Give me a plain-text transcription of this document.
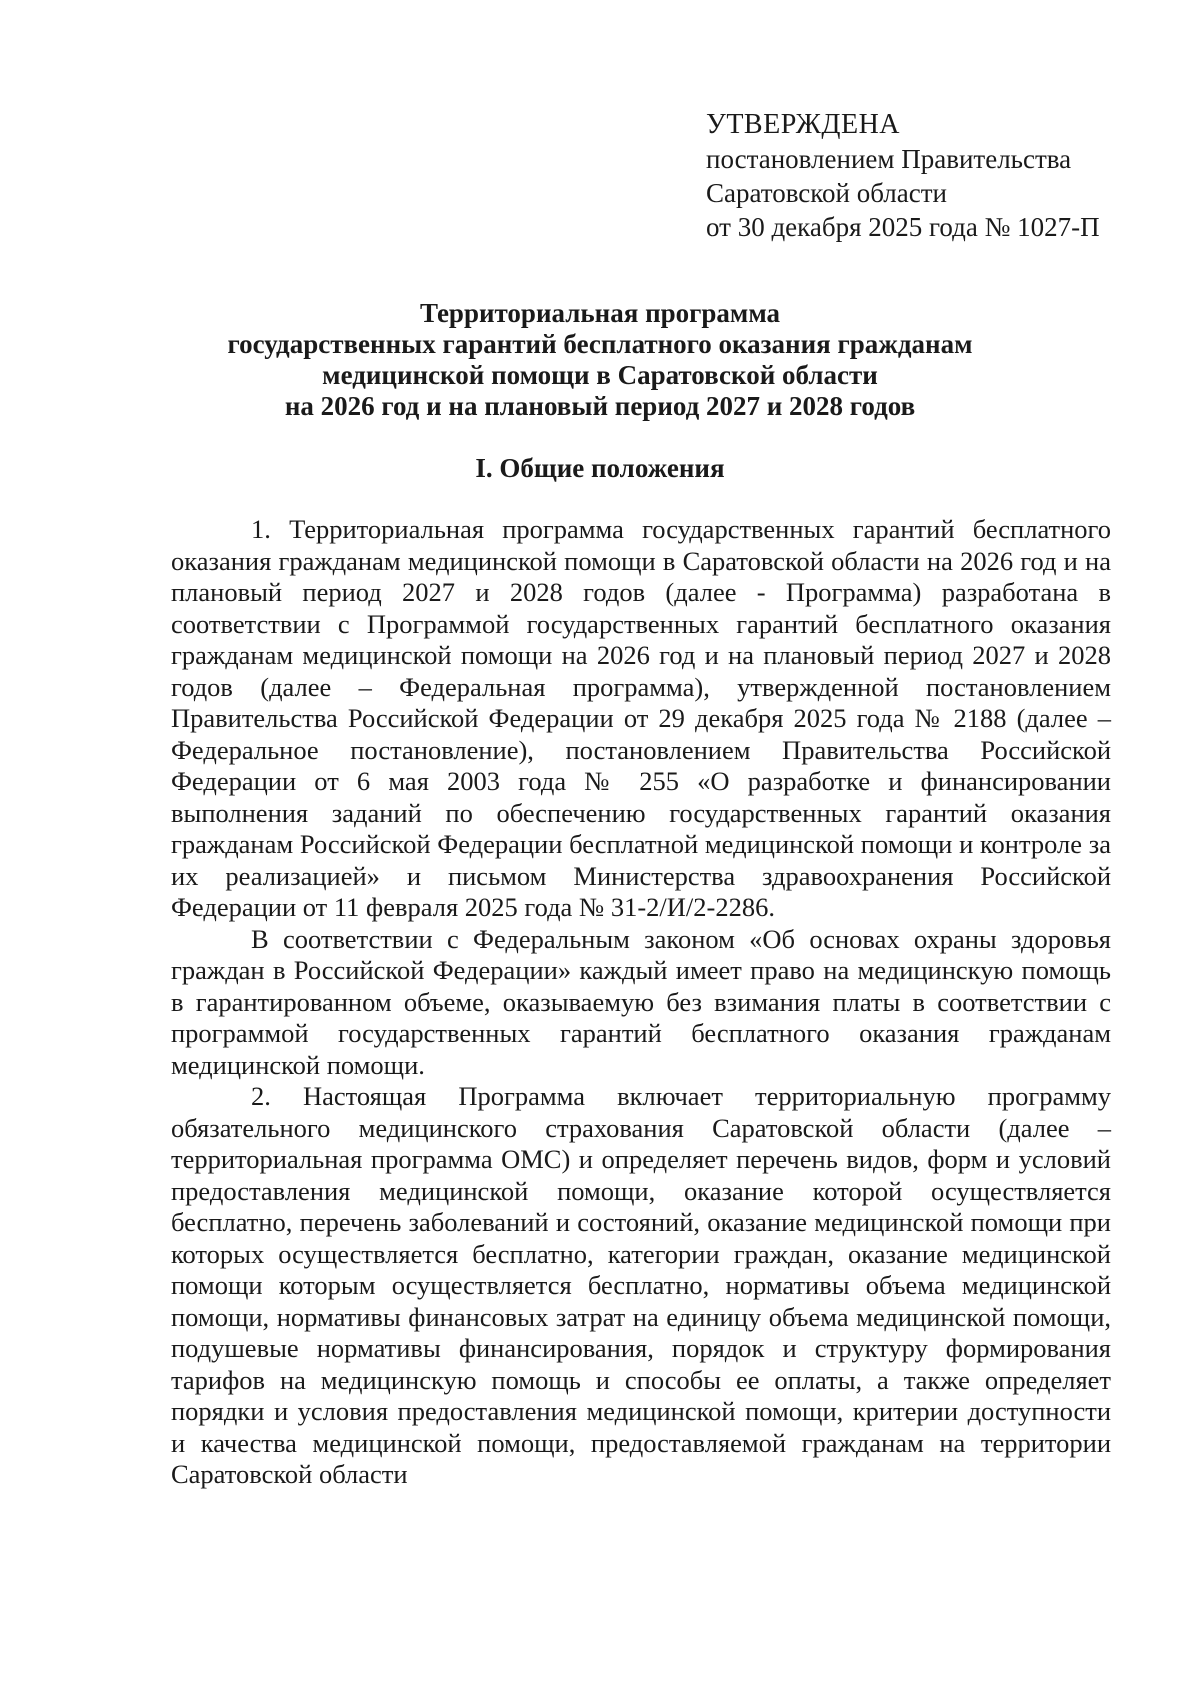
УТВЕРЖДЕНА
постановлением Правительства
Саратовской области
от 30 декабря 2025 года № 1027-П
Территориальная программа
государственных гарантий бесплатного оказания гражданам
медицинской помощи в Саратовской области
на 2026 год и на плановый период 2027 и 2028 годов
I. Общие положения

1. Территориальная программа государственных гарантий бесплатного оказания гражданам медицинской помощи в Саратовской области на 2026 год и на плановый период 2027 и 2028 годов (далее - Программа) разработана в соответствии с Программой государственных гарантий бесплатного оказания гражданам медицинской помощи на 2026 год и на плановый период 2027 и 2028 годов (далее – Федеральная программа), утвержденной постановлением Правительства Российской Федерации от 29 декабря 2025 года № 2188 (далее – Федеральное постановление), постановлением Правительства Российской Федерации от 6 мая 2003 года № 255 «О разработке и финансировании выполнения заданий по обеспечению государственных гарантий оказания гражданам Российской Федерации бесплатной медицинской помощи и контроле за их реализацией» и письмом Министерства здравоохранения Российской Федерации от 11 февраля 2025 года № 31-2/И/2-2286.

В соответствии с Федеральным законом «Об основах охраны здоровья граждан в Российской Федерации» каждый имеет право на медицинскую помощь в гарантированном объеме, оказываемую без взимания платы в соответствии с программой государственных гарантий бесплатного оказания гражданам медицинской помощи.

2. Настоящая Программа включает территориальную программу обязательного медицинского страхования Саратовской области (далее – территориальная программа ОМС) и определяет перечень видов, форм и условий предоставления медицинской помощи, оказание которой осуществляется бесплатно, перечень заболеваний и состояний, оказание медицинской помощи при которых осуществляется бесплатно, категории граждан, оказание медицинской помощи которым осуществляется бесплатно, нормативы объема медицинской помощи, нормативы финансовых затрат на единицу объема медицинской помощи, подушевые нормативы финансирования, порядок и структуру формирования тарифов на медицинскую помощь и способы ее оплаты, а также определяет порядки и условия предоставления медицинской помощи, критерии доступности и качества медицинской помощи, предоставляемой гражданам на территории Саратовской области
